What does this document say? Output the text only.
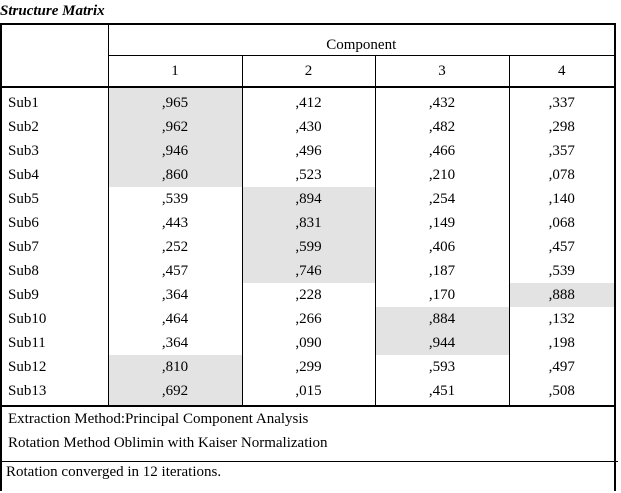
Structure Matrix
	Component			
	1	2	3	4
Sub1	,965	,412	,432	,337
Sub2	,962	,430	,482	,298
Sub3	,946	,496	,466	,357
Sub4	,860	,523	,210	,078
Sub5	,539	,894	,254	,140
Sub6	,443	,831	,149	,068
Sub7	,252	,599	,406	,457
Sub8	,457	,746	,187	,539
Sub9	,364	,228	,170	,888
Sub10	,464	,266	,884	,132
Sub11	,364	,090	,944	,198
Sub12	,810	,299	,593	,497
Sub13	,692	,015	,451	,508
Extraction Method:Principal Component Analysis
Rotation Method Oblimin with Kaiser Normalization
Rotation converged in 12 iterations.
